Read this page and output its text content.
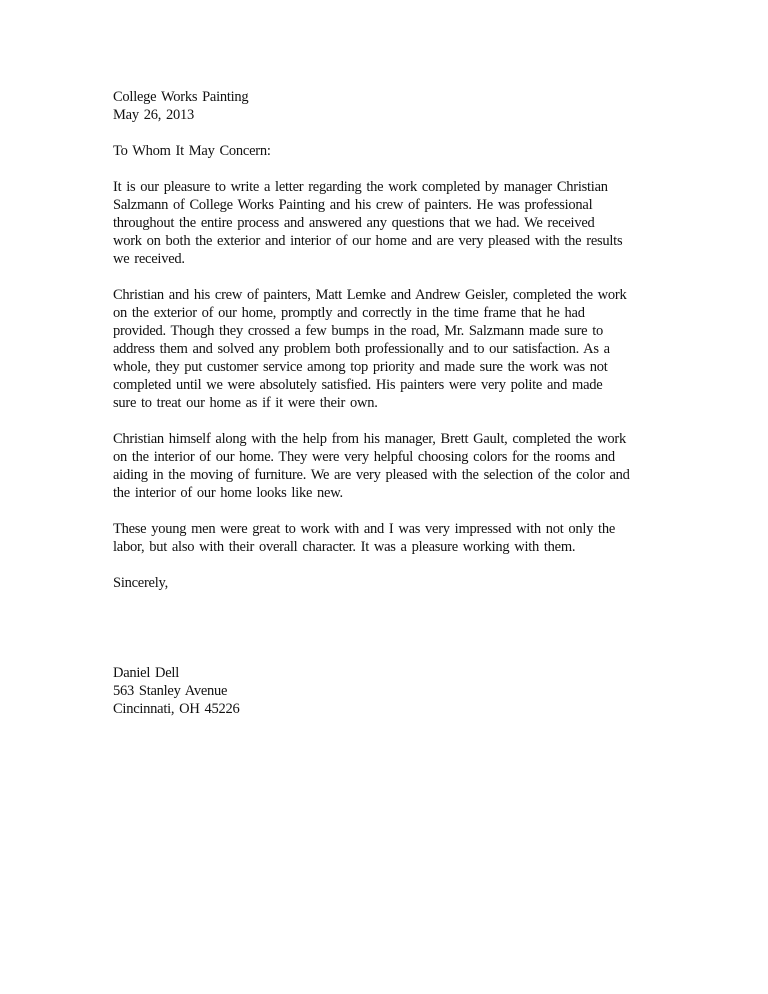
College Works Painting
May 26, 2013
To Whom It May Concern:
It is our pleasure to write a letter regarding the work completed by manager Christian
Salzmann of College Works Painting and his crew of painters. He was professional
throughout the entire process and answered any questions that we had. We received
work on both the exterior and interior of our home and are very pleased with the results
we received.
Christian and his crew of painters, Matt Lemke and Andrew Geisler, completed the work
on the exterior of our home, promptly and correctly in the time frame that he had
provided. Though they crossed a few bumps in the road, Mr. Salzmann made sure to
address them and solved any problem both professionally and to our satisfaction. As a
whole, they put customer service among top priority and made sure the work was not
completed until we were absolutely satisfied. His painters were very polite and made
sure to treat our home as if it were their own.
Christian himself along with the help from his manager, Brett Gault, completed the work
on the interior of our home. They were very helpful choosing colors for the rooms and
aiding in the moving of furniture. We are very pleased with the selection of the color and
the interior of our home looks like new.
These young men were great to work with and I was very impressed with not only the
labor, but also with their overall character. It was a pleasure working with them.
Sincerely,
Daniel Dell
563 Stanley Avenue
Cincinnati, OH 45226
